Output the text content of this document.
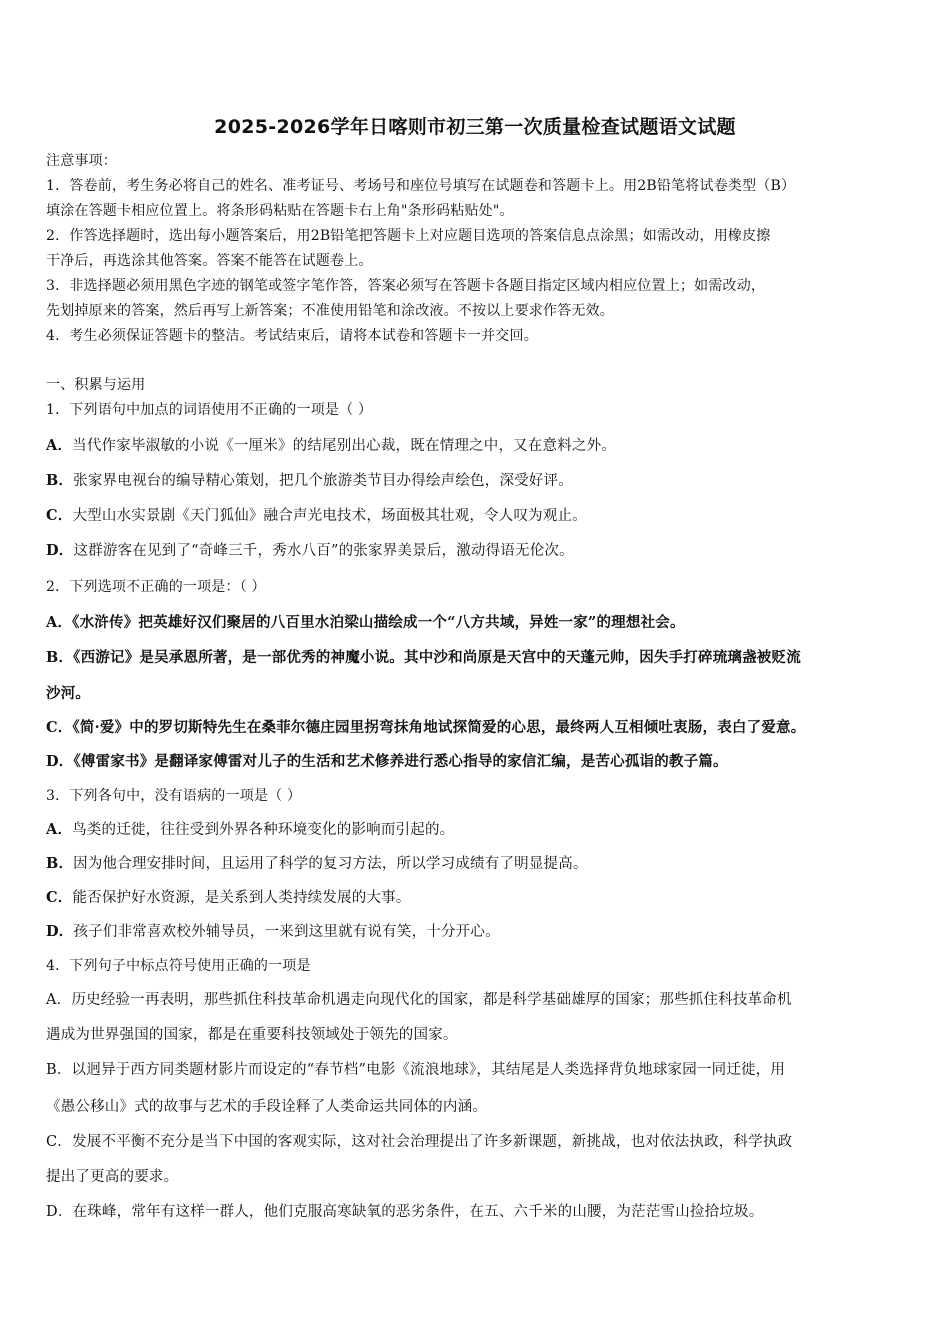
2025-2026学年日喀则市初三第一次质量检查试题语文试题
注意事项：
1．答卷前，考生务必将自己的姓名、准考证号、考场号和座位号填写在试题卷和答题卡上。用2B铅笔将试卷类型（B）
填涂在答题卡相应位置上。将条形码粘贴在答题卡右上角"条形码粘贴处"。
2．作答选择题时，选出每小题答案后，用2B铅笔把答题卡上对应题目选项的答案信息点涂黑；如需改动，用橡皮擦
干净后，再选涂其他答案。答案不能答在试题卷上。
3．非选择题必须用黑色字迹的钢笔或签字笔作答，答案必须写在答题卡各题目指定区域内相应位置上；如需改动，
先划掉原来的答案，然后再写上新答案；不准使用铅笔和涂改液。不按以上要求作答无效。
4．考生必须保证答题卡的整洁。考试结束后，请将本试卷和答题卡一并交回。
一、积累与运用
1．下列语句中加点的词语使用不正确的一项是（ ）
A．当代作家毕淑敏的小说《一厘米》的结尾别出心裁，既在情理之中，又在意料之外。
B．张家界电视台的编导精心策划，把几个旅游类节目办得绘声绘色，深受好评。
C．大型山水实景剧《天门狐仙》融合声光电技术，场面极其壮观，令人叹为观止。
D．这群游客在见到了“奇峰三千，秀水八百”的张家界美景后，激动得语无伦次。
2．下列选项不正确的一项是：（ ）
A．《水浒传》把英雄好汉们聚居的八百里水泊梁山描绘成一个“八方共域，异姓一家”的理想社会。
B．《西游记》是吴承恩所著，是一部优秀的神魔小说。其中沙和尚原是天宫中的天蓬元帅，因失手打碎琉璃盏被贬流
沙河。
C．《简·爱》中的罗切斯特先生在桑菲尔德庄园里拐弯抹角地试探简爱的心思，最终两人互相倾吐衷肠，表白了爱意。
D．《傅雷家书》是翻译家傅雷对儿子的生活和艺术修养进行悉心指导的家信汇编，是苦心孤诣的教子篇。
3．下列各句中，没有语病的一项是（ ）
A．鸟类的迁徙，往往受到外界各种环境变化的影响而引起的。
B．因为他合理安排时间，且运用了科学的复习方法，所以学习成绩有了明显提高。
C．能否保护好水资源，是关系到人类持续发展的大事。
D．孩子们非常喜欢校外辅导员，一来到这里就有说有笑，十分开心。
4．下列句子中标点符号使用正确的一项是
A．历史经验一再表明，那些抓住科技革命机遇走向现代化的国家，都是科学基础雄厚的国家；那些抓住科技革命机
遇成为世界强国的国家，都是在重要科技领域处于领先的国家。
B．以迥异于西方同类题材影片而设定的“春节档”电影《流浪地球》，其结尾是人类选择背负地球家园一同迁徙，用
《愚公移山》式的故事与艺术的手段诠释了人类命运共同体的内涵。
C．发展不平衡不充分是当下中国的客观实际，这对社会治理提出了许多新课题，新挑战，也对依法执政，科学执政
提出了更高的要求。
D．在珠峰，常年有这样一群人，他们克服高寒缺氧的恶劣条件，在五、六千米的山腰，为茫茫雪山捡拾垃圾。
